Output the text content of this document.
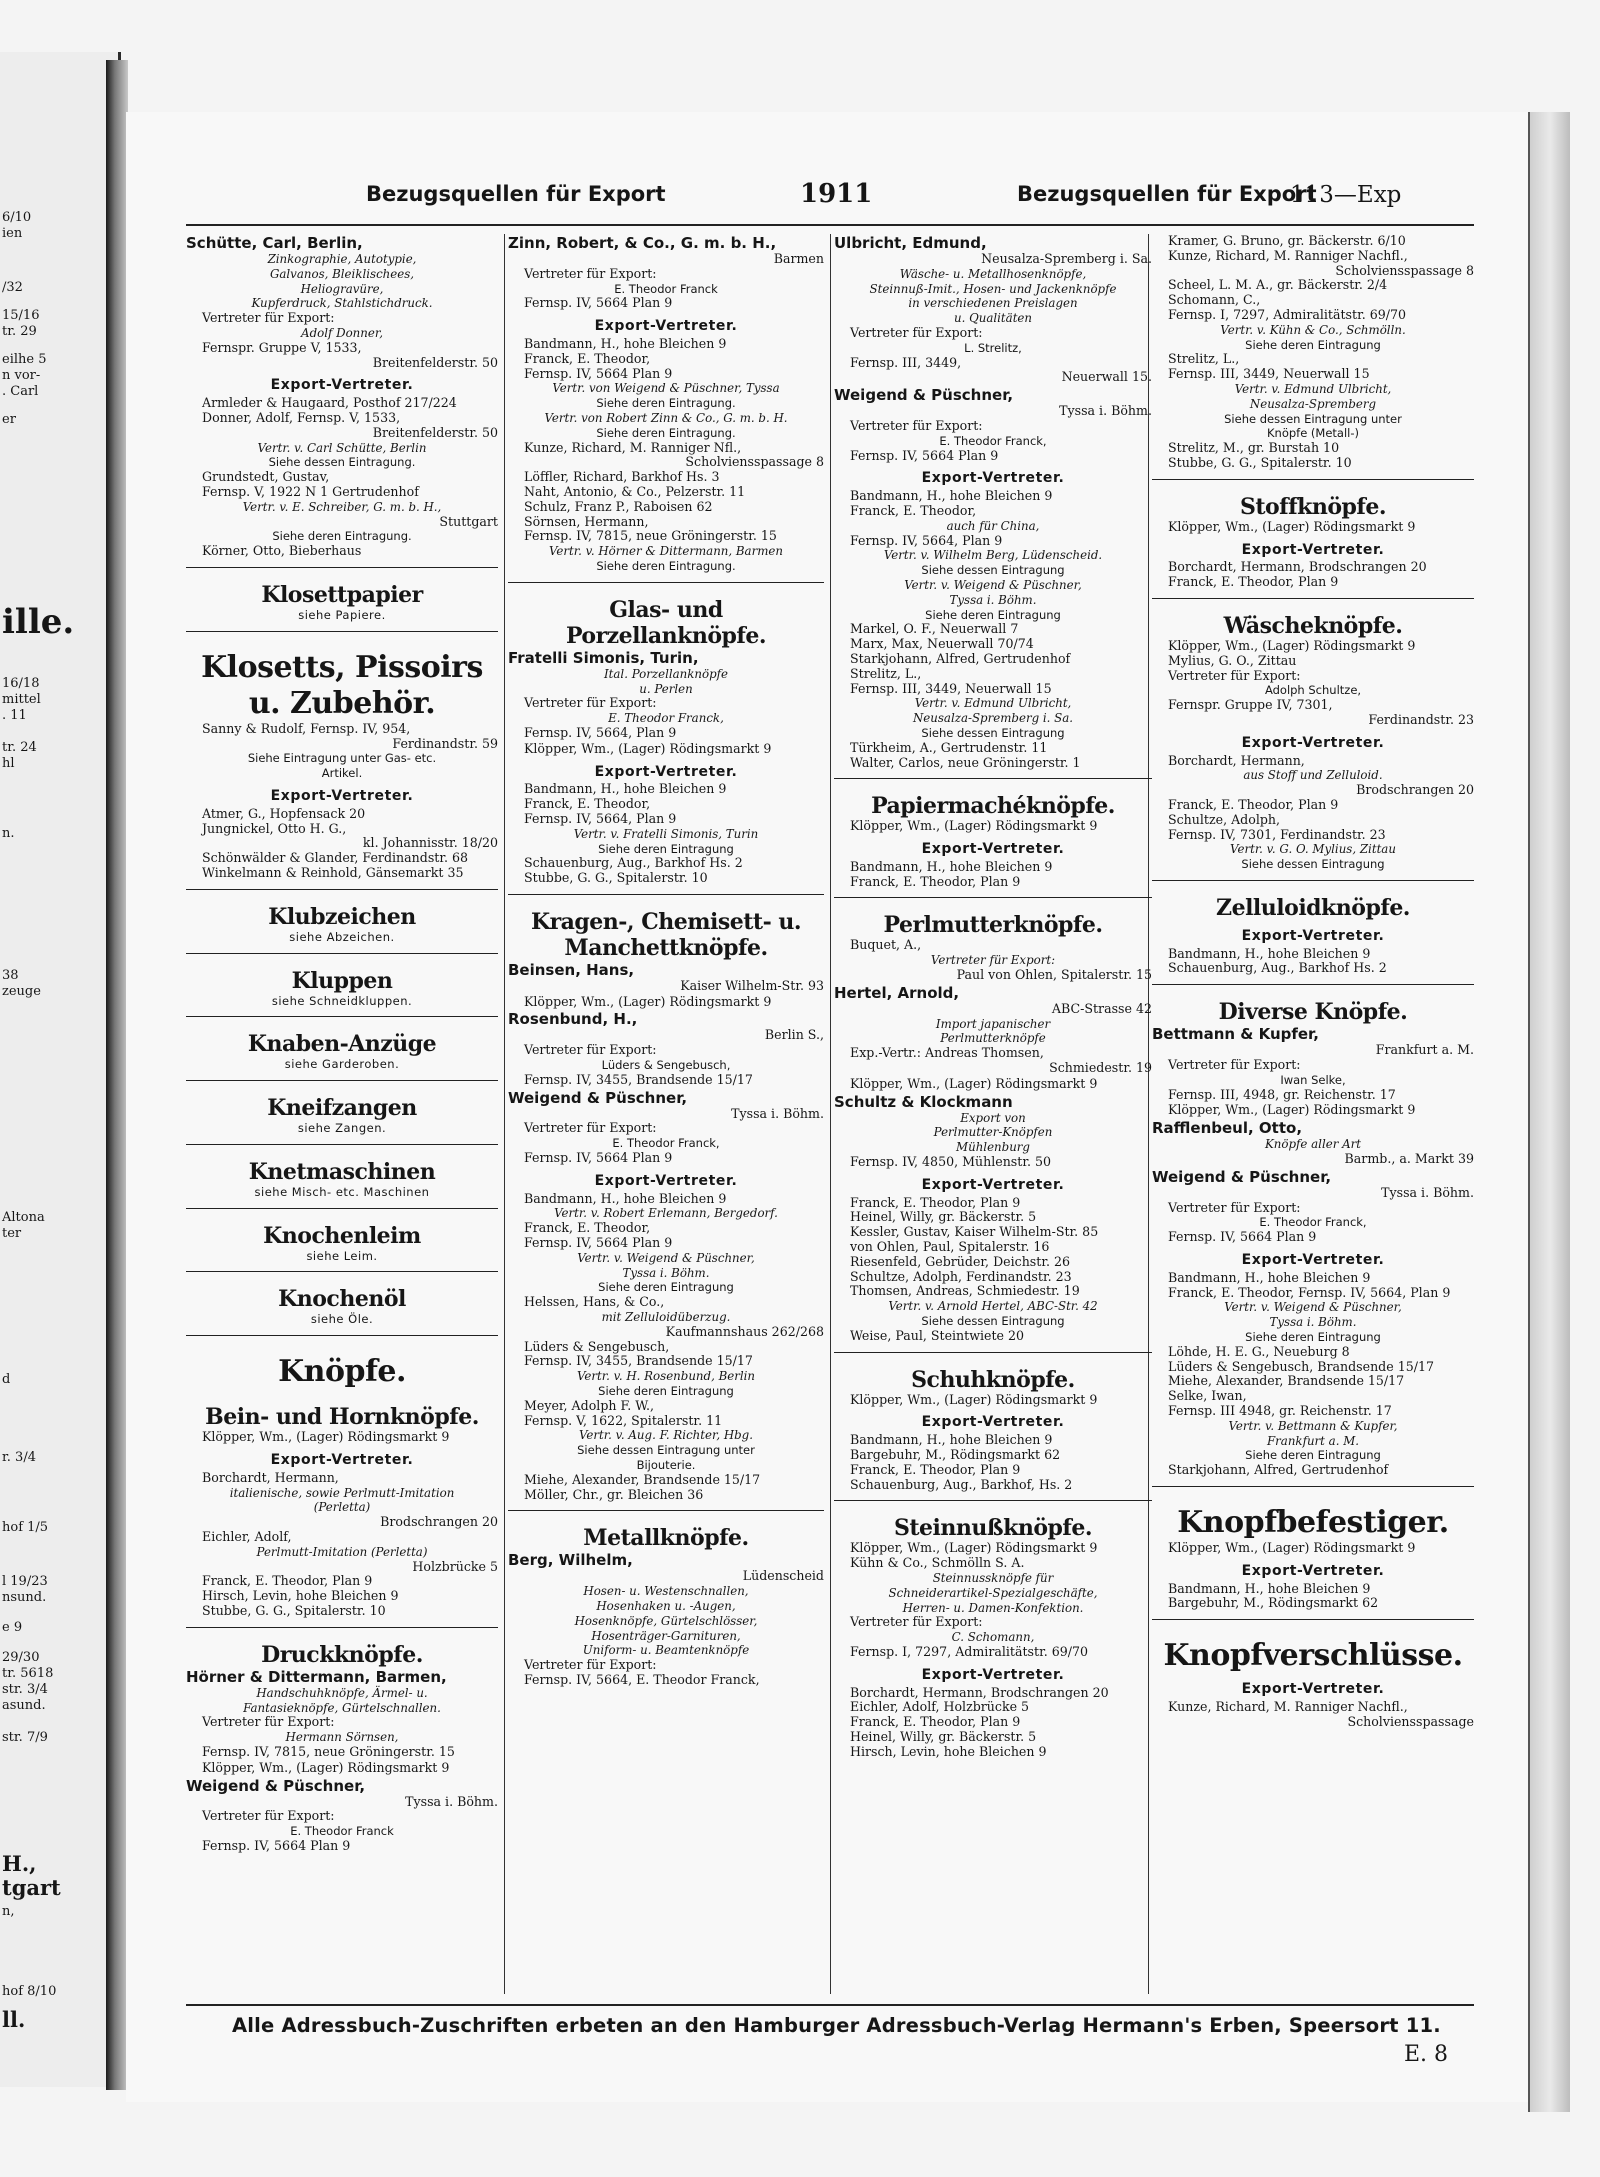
6/10
ien
/32
15/16
tr. 29
eilhe 5
n vor-
. Carl
er
ille.
16/18
mittel
. 11
tr. 24
hl
n.
38
zeuge
Altona
ter
d
r. 3/4
hof 1/5
l 19/23
nsund.
e 9
29/30
tr. 5618
str. 3/4
asund.
str. 7/9
H.,
tgart
n,
hof 8/10
ll.
Bezugsquellen für Export	1911	Bezugsquellen für Export
113—Exp
Schütte, Carl, Berlin,
Zinkographie, Autotypie,
Galvanos, Bleiklischees,
Heliogravüre,
Kupferdruck, Stahlstichdruck.
Vertreter für Export:
Adolf Donner,
Fernspr. Gruppe V, 1533,
Breitenfelderstr. 50
Export-Vertreter.
Armleder & Haugaard, Posthof 217/224
Donner, Adolf, Fernsp. V, 1533,
Breitenfelderstr. 50
Vertr. v. Carl Schütte, Berlin
Siehe dessen Eintragung.
Grundstedt, Gustav,
Fernsp. V, 1922 N 1 Gertrudenhof
Vertr. v. E. Schreiber, G. m. b. H.,
Stuttgart
Siehe deren Eintragung.
Körner, Otto, Bieberhaus
Klosettpapier
siehe Papiere.
Klosetts, Pissoirs u. Zubehör.
Sanny & Rudolf, Fernsp. IV, 954,
Ferdinandstr. 59
Siehe Eintragung unter Gas- etc.
Artikel.
Export-Vertreter.
Atmer, G., Hopfensack 20
Jungnickel, Otto H. G.,
kl. Johannisstr. 18/20
Schönwälder & Glander, Ferdinandstr. 68
Winkelmann & Reinhold, Gänsemarkt 35
Klubzeichen
siehe Abzeichen.
Kluppen
siehe Schneidkluppen.
Knaben-Anzüge
siehe Garderoben.
Kneifzangen
siehe Zangen.
Knetmaschinen
siehe Misch- etc. Maschinen
Knochenleim
siehe Leim.
Knochenöl
siehe Öle.
Knöpfe.
Bein- und Hornknöpfe.
Klöpper, Wm., (Lager) Rödingsmarkt 9
Export-Vertreter.
Borchardt, Hermann,
italienische, sowie Perlmutt-Imitation
(Perletta)
Brodschrangen 20
Eichler, Adolf,
Perlmutt-Imitation (Perletta)
Holzbrücke 5
Franck, E. Theodor, Plan 9
Hirsch, Levin, hohe Bleichen 9
Stubbe, G. G., Spitalerstr. 10
Druckknöpfe.
Hörner & Dittermann, Barmen,
Handschuhknöpfe, Ärmel- u.
Fantasieknöpfe, Gürtelschnallen.
Vertreter für Export:
Hermann Sörnsen,
Fernsp. IV, 7815, neue Gröningerstr. 15
Klöpper, Wm., (Lager) Rödingsmarkt 9
Weigend & Püschner,
Tyssa i. Böhm.
Vertreter für Export:
E. Theodor Franck
Fernsp. IV, 5664 Plan 9
Zinn, Robert, & Co., G. m. b. H.,
Barmen
Vertreter für Export:
E. Theodor Franck
Fernsp. IV, 5664 Plan 9
Export-Vertreter.
Bandmann, H., hohe Bleichen 9
Franck, E. Theodor,
Fernsp. IV, 5664 Plan 9
Vertr. von Weigend & Püschner, Tyssa
Siehe deren Eintragung.
Vertr. von Robert Zinn & Co., G. m. b. H.
Siehe deren Eintragung.
Kunze, Richard, M. Ranniger Nfl.,
Scholviensspassage 8
Löffler, Richard, Barkhof Hs. 3
Naht, Antonio, & Co., Pelzerstr. 11
Schulz, Franz P., Raboisen 62
Sörnsen, Hermann,
Fernsp. IV, 7815, neue Gröningerstr. 15
Vertr. v. Hörner & Dittermann, Barmen
Siehe deren Eintragung.
Glas- und Porzellanknöpfe.
Fratelli Simonis, Turin,
Ital. Porzellanknöpfe
u. Perlen
Vertreter für Export:
E. Theodor Franck,
Fernsp. IV, 5664, Plan 9
Klöpper, Wm., (Lager) Rödingsmarkt 9
Export-Vertreter.
Bandmann, H., hohe Bleichen 9
Franck, E. Theodor,
Fernsp. IV, 5664, Plan 9
Vertr. v. Fratelli Simonis, Turin
Siehe deren Eintragung
Schauenburg, Aug., Barkhof Hs. 2
Stubbe, G. G., Spitalerstr. 10
Kragen-, Chemisett- u. Manchettknöpfe.
Beinsen, Hans,
Kaiser Wilhelm-Str. 93
Klöpper, Wm., (Lager) Rödingsmarkt 9
Rosenbund, H.,
Berlin S.,
Vertreter für Export:
Lüders & Sengebusch,
Fernsp. IV, 3455, Brandsende 15/17
Weigend & Püschner,
Tyssa i. Böhm.
Vertreter für Export:
E. Theodor Franck,
Fernsp. IV, 5664 Plan 9
Export-Vertreter.
Bandmann, H., hohe Bleichen 9
Vertr. v. Robert Erlemann, Bergedorf.
Franck, E. Theodor,
Fernsp. IV, 5664 Plan 9
Vertr. v. Weigend & Püschner,
Tyssa i. Böhm.
Siehe deren Eintragung
Helssen, Hans, & Co.,
mit Zelluloidüberzug.
Kaufmannshaus 262/268
Lüders & Sengebusch,
Fernsp. IV, 3455, Brandsende 15/17
Vertr. v. H. Rosenbund, Berlin
Siehe deren Eintragung
Meyer, Adolph F. W.,
Fernsp. V, 1622, Spitalerstr. 11
Vertr. v. Aug. F. Richter, Hbg.
Siehe dessen Eintragung unter
Bijouterie.
Miehe, Alexander, Brandsende 15/17
Möller, Chr., gr. Bleichen 36
Metallknöpfe.
Berg, Wilhelm,
Lüdenscheid
Hosen- u. Westenschnallen,
Hosenhaken u. -Augen,
Hosenknöpfe, Gürtelschlösser,
Hosenträger-Garnituren,
Uniform- u. Beamtenknöpfe
Vertreter für Export:
Fernsp. IV, 5664, E. Theodor Franck,
Ulbricht, Edmund,
Neusalza-Spremberg i. Sa.
Wäsche- u. Metallhosenknöpfe,
Steinnuß-Imit., Hosen- und Jackenknöpfe
in verschiedenen Preislagen
u. Qualitäten
Vertreter für Export:
L. Strelitz,
Fernsp. III, 3449,
Neuerwall 15.
Weigend & Püschner,
Tyssa i. Böhm.
Vertreter für Export:
E. Theodor Franck,
Fernsp. IV, 5664 Plan 9
Export-Vertreter.
Bandmann, H., hohe Bleichen 9
Franck, E. Theodor,
auch für China,
Fernsp. IV, 5664, Plan 9
Vertr. v. Wilhelm Berg, Lüdenscheid.
Siehe dessen Eintragung
Vertr. v. Weigend & Püschner,
Tyssa i. Böhm.
Siehe deren Eintragung
Markel, O. F., Neuerwall 7
Marx, Max, Neuerwall 70/74
Starkjohann, Alfred, Gertrudenhof
Strelitz, L.,
Fernsp. III, 3449, Neuerwall 15
Vertr. v. Edmund Ulbricht,
Neusalza-Spremberg i. Sa.
Siehe dessen Eintragung
Türkheim, A., Gertrudenstr. 11
Walter, Carlos, neue Gröningerstr. 1
Papiermachéknöpfe.
Klöpper, Wm., (Lager) Rödingsmarkt 9
Export-Vertreter.
Bandmann, H., hohe Bleichen 9
Franck, E. Theodor, Plan 9
Perlmutterknöpfe.
Buquet, A.,
Vertreter für Export:
Paul von Ohlen, Spitalerstr. 15
Hertel, Arnold,
ABC-Strasse 42
Import japanischer
Perlmutterknöpfe
Exp.-Vertr.: Andreas Thomsen,
Schmiedestr. 19
Klöpper, Wm., (Lager) Rödingsmarkt 9
Schultz & Klockmann
Export von
Perlmutter-Knöpfen
Mühlenburg
Fernsp. IV, 4850, Mühlenstr. 50
Export-Vertreter.
Franck, E. Theodor, Plan 9
Heinel, Willy, gr. Bäckerstr. 5
Kessler, Gustav, Kaiser Wilhelm-Str. 85
von Ohlen, Paul, Spitalerstr. 16
Riesenfeld, Gebrüder, Deichstr. 26
Schultze, Adolph, Ferdinandstr. 23
Thomsen, Andreas, Schmiedestr. 19
Vertr. v. Arnold Hertel, ABC-Str. 42
Siehe dessen Eintragung
Weise, Paul, Steintwiete 20
Schuhknöpfe.
Klöpper, Wm., (Lager) Rödingsmarkt 9
Export-Vertreter.
Bandmann, H., hohe Bleichen 9
Bargebuhr, M., Rödingsmarkt 62
Franck, E. Theodor, Plan 9
Schauenburg, Aug., Barkhof, Hs. 2
Steinnußknöpfe.
Klöpper, Wm., (Lager) Rödingsmarkt 9
Kühn & Co., Schmölln S. A.
Steinnussknöpfe für
Schneiderartikel-Spezialgeschäfte,
Herren- u. Damen-Konfektion.
Vertreter für Export:
C. Schomann,
Fernsp. I, 7297, Admiralitätstr. 69/70
Export-Vertreter.
Borchardt, Hermann, Brodschrangen 20
Eichler, Adolf, Holzbrücke 5
Franck, E. Theodor, Plan 9
Heinel, Willy, gr. Bäckerstr. 5
Hirsch, Levin, hohe Bleichen 9
Kramer, G. Bruno, gr. Bäckerstr. 6/10
Kunze, Richard, M. Ranniger Nachfl.,
Scholviensspassage 8
Scheel, L. M. A., gr. Bäckerstr. 2/4
Schomann, C.,
Fernsp. I, 7297, Admiralitätstr. 69/70
Vertr. v. Kühn & Co., Schmölln.
Siehe deren Eintragung
Strelitz, L.,
Fernsp. III, 3449, Neuerwall 15
Vertr. v. Edmund Ulbricht,
Neusalza-Spremberg
Siehe dessen Eintragung unter
Knöpfe (Metall-)
Strelitz, M., gr. Burstah 10
Stubbe, G. G., Spitalerstr. 10
Stoffknöpfe.
Klöpper, Wm., (Lager) Rödingsmarkt 9
Export-Vertreter.
Borchardt, Hermann, Brodschrangen 20
Franck, E. Theodor, Plan 9
Wäscheknöpfe.
Klöpper, Wm., (Lager) Rödingsmarkt 9
Mylius, G. O., Zittau
Vertreter für Export:
Adolph Schultze,
Fernspr. Gruppe IV, 7301,
Ferdinandstr. 23
Export-Vertreter.
Borchardt, Hermann,
aus Stoff und Zelluloid.
Brodschrangen 20
Franck, E. Theodor, Plan 9
Schultze, Adolph,
Fernsp. IV, 7301, Ferdinandstr. 23
Vertr. v. G. O. Mylius, Zittau
Siehe dessen Eintragung
Zelluloidknöpfe.
Export-Vertreter.
Bandmann, H., hohe Bleichen 9
Schauenburg, Aug., Barkhof Hs. 2
Diverse Knöpfe.
Bettmann & Kupfer,
Frankfurt a. M.
Vertreter für Export:
Iwan Selke,
Fernsp. III, 4948, gr. Reichenstr. 17
Klöpper, Wm., (Lager) Rödingsmarkt 9
Rafflenbeul, Otto,
Knöpfe aller Art
Barmb., a. Markt 39
Weigend & Püschner,
Tyssa i. Böhm.
Vertreter für Export:
E. Theodor Franck,
Fernsp. IV, 5664 Plan 9
Export-Vertreter.
Bandmann, H., hohe Bleichen 9
Franck, E. Theodor, Fernsp. IV, 5664, Plan 9
Vertr. v. Weigend & Püschner,
Tyssa i. Böhm.
Siehe deren Eintragung
Löhde, H. E. G., Neueburg 8
Lüders & Sengebusch, Brandsende 15/17
Miehe, Alexander, Brandsende 15/17
Selke, Iwan,
Fernsp. III 4948, gr. Reichenstr. 17
Vertr. v. Bettmann & Kupfer,
Frankfurt a. M.
Siehe deren Eintragung
Starkjohann, Alfred, Gertrudenhof
Knopfbefestiger.
Klöpper, Wm., (Lager) Rödingsmarkt 9
Export-Vertreter.
Bandmann, H., hohe Bleichen 9
Bargebuhr, M., Rödingsmarkt 62
Knopfverschlüsse.
Export-Vertreter.
Kunze, Richard, M. Ranniger Nachfl.,
Scholviensspassage
Alle Adressbuch-Zuschriften erbeten an den Hamburger Adressbuch-Verlag Hermann's Erben, Speersort 11.
E. 8
